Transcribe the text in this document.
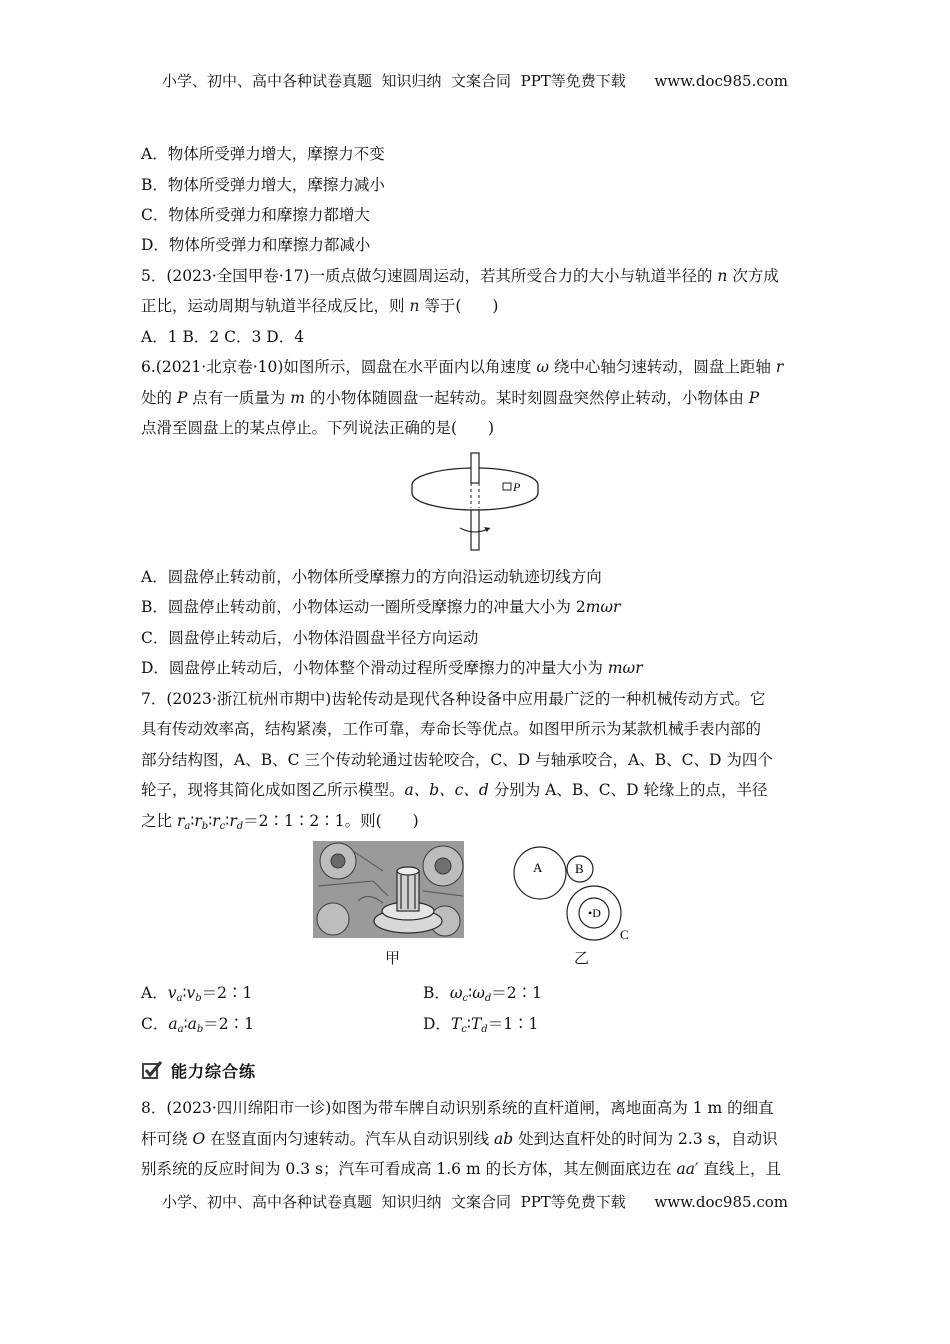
小学、初中、高中各种试卷真题  知识归纳  文案合同  PPT等免费下载      www.doc985.com
A．物体所受弹力增大，摩擦力不变
B．物体所受弹力增大，摩擦力减小
C．物体所受弹力和摩擦力都增大
D．物体所受弹力和摩擦力都减小
5．(2023·全国甲卷·17)一质点做匀速圆周运动，若其所受合力的大小与轨道半径的 n 次方成
正比，运动周期与轨道半径成反比，则 n 等于(　　)
A．1 B．2 C．3 D．4
6.(2021·北京卷·10)如图所示，圆盘在水平面内以角速度 ω 绕中心轴匀速转动，圆盘上距轴 r
处的 P 点有一质量为 m 的小物体随圆盘一起转动。某时刻圆盘突然停止转动，小物体由 P
点滑至圆盘上的某点停止。下列说法正确的是(　　)
P
A．圆盘停止转动前，小物体所受摩擦力的方向沿运动轨迹切线方向
B．圆盘停止转动前，小物体运动一圈所受摩擦力的冲量大小为 2mωr
C．圆盘停止转动后，小物体沿圆盘半径方向运动
D．圆盘停止转动后，小物体整个滑动过程所受摩擦力的冲量大小为 mωr
7．(2023·浙江杭州市期中)齿轮传动是现代各种设备中应用最广泛的一种机械传动方式。它
具有传动效率高，结构紧凑，工作可靠，寿命长等优点。如图甲所示为某款机械手表内部的
部分结构图，A、B、C 三个传动轮通过齿轮咬合，C、D 与轴承咬合，A、B、C、D 为四个
轮子，现将其简化成如图乙所示模型。a、b、c、d 分别为 A、B、C、D 轮缘上的点，半径
之比 $r_a∶r_b∶r_c∶r_d=2∶1∶2∶1$。则(　　)
甲
A	B
•D
C
乙
A．$v_a∶v_b=2∶1$	B．$\omega_c∶\omega_d=2∶1$
C．$a_a∶a_b=2∶1$	D．$T_c∶T_d=1∶1$
能力综合练
8．(2023·四川绵阳市一诊)如图为带车牌自动识别系统的直杆道闸，离地面高为 1 m 的细直
杆可绕 O 在竖直面内匀速转动。汽车从自动识别线 ab 处到达直杆处的时间为 2.3 s，自动识
别系统的反应时间为 0.3 s；汽车可看成高 1.6 m 的长方体，其左侧面底边在 aa′ 直线上，且
小学、初中、高中各种试卷真题  知识归纳  文案合同  PPT等免费下载      www.doc985.com
